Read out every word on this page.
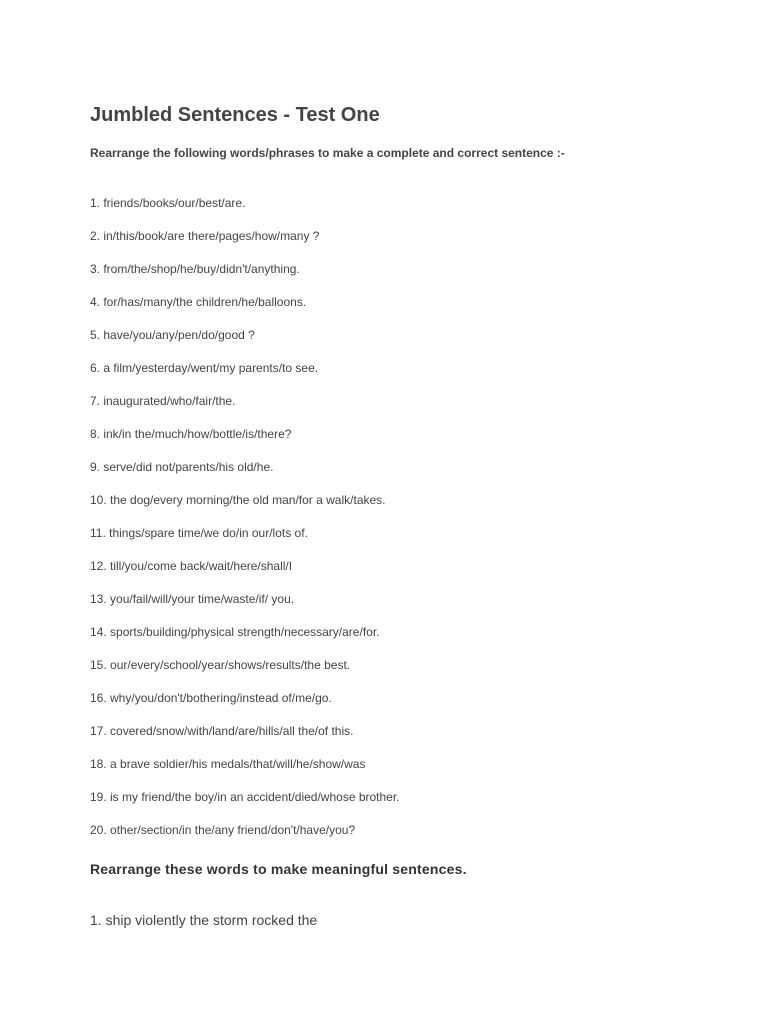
Jumbled Sentences - Test One

Rearrange the following words/phrases to make a complete and correct sentence :-

1. friends/books/our/best/are.
2. in/this/book/are there/pages/how/many ?
3. from/the/shop/he/buy/didn't/anything.
4. for/has/many/the children/he/balloons.
5. have/you/any/pen/do/good ?
6. a film/yesterday/went/my parents/to see.
7. inaugurated/who/fair/the.
8. ink/in the/much/how/bottle/is/there?
9. serve/did not/parents/his old/he.
10. the dog/every morning/the old man/for a walk/takes.
11. things/spare time/we do/in our/lots of.
12. till/you/come back/wait/here/shall/I
13. you/fail/will/your time/waste/if/ you.
14. sports/building/physical strength/necessary/are/for.
15. our/every/school/year/shows/results/the best.
16. why/you/don't/bothering/instead of/me/go.
17. covered/snow/with/land/are/hills/all the/of this.
18. a brave soldier/his medals/that/will/he/show/was
19. is my friend/the boy/in an accident/died/whose brother.
20. other/section/in the/any friend/don't/have/you?
Rearrange these words to make meaningful sentences.

1. ship violently the storm rocked the
